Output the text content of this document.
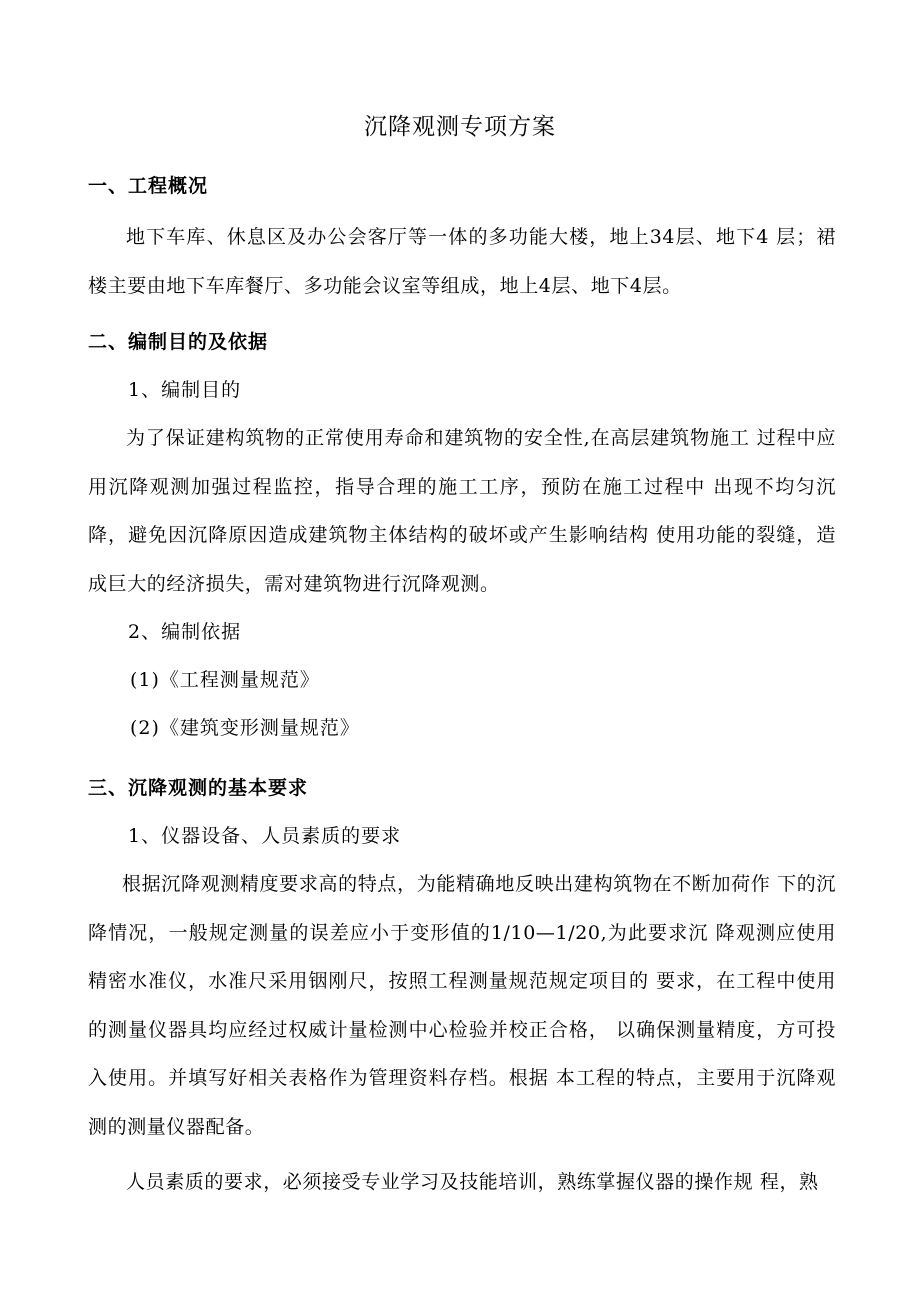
沉降观测专项方案
一、工程概况

地下车库、休息区及办公会客厅等一体的多功能大楼，地上34层、地下4 层；裙楼主要由地下车库餐厅、多功能会议室等组成，地上4层、地下4层。

二、编制目的及依据
1、编制目的

为了保证建构筑物的正常使用寿命和建筑物的安全性,在高层建筑物施工 过程中应用沉降观测加强过程监控，指导合理的施工工序，预防在施工过程中 出现不均匀沉降，避免因沉降原因造成建筑物主体结构的破坏或产生影响结构 使用功能的裂缝，造成巨大的经济损失，需对建筑物进行沉降观测。

2、编制依据
(1)《工程测量规范》
(2)《建筑变形测量规范》
三、沉降观测的基本要求
1、仪器设备、人员素质的要求

根据沉降观测精度要求高的特点，为能精确地反映出建构筑物在不断加荷作 下的沉降情况，一般规定测量的误差应小于变形值的1/10—1/20,为此要求沉 降观测应使用精密水准仪，水准尺采用铟刚尺，按照工程测量规范规定项目的 要求，在工程中使用的测量仪器具均应经过权威计量检测中心检验并校正合格， 以确保测量精度，方可投入使用。并填写好相关表格作为管理资料存档。根据 本工程的特点，主要用于沉降观测的测量仪器配备。

人员素质的要求，必须接受专业学习及技能培训，熟练掌握仪器的操作规 程，熟
